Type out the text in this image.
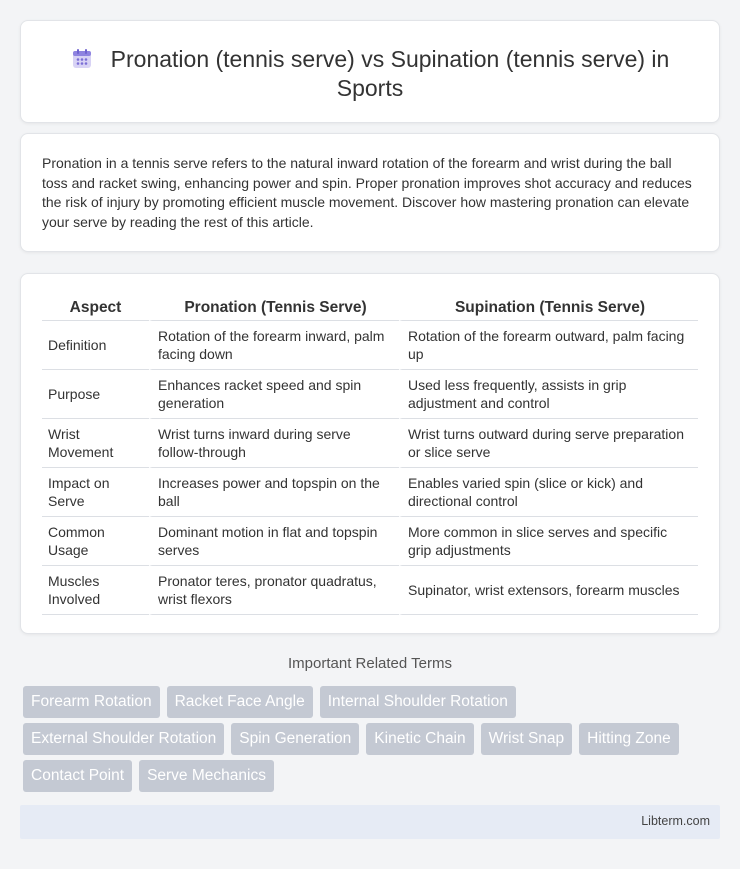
Pronation (tennis serve) vs Supination (tennis serve) in Sports

Pronation in a tennis serve refers to the natural inward rotation of the forearm and wrist during the ball toss and racket swing, enhancing power and spin. Proper pronation improves shot accuracy and reduces the risk of injury by promoting efficient muscle movement. Discover how mastering pronation can elevate your serve by reading the rest of this article.

Aspect	Pronation (Tennis Serve)	Supination (Tennis Serve)
Definition	Rotation of the forearm inward, palm facing down	Rotation of the forearm outward, palm facing up
Purpose	Enhances racket speed and spin generation	Used less frequently, assists in grip adjustment and control
Wrist Movement	Wrist turns inward during serve follow-through	Wrist turns outward during serve preparation or slice serve
Impact on Serve	Increases power and topspin on the ball	Enables varied spin (slice or kick) and directional control
Common Usage	Dominant motion in flat and topspin serves	More common in slice serves and specific grip adjustments
Muscles Involved	Pronator teres, pronator quadratus, wrist flexors	Supinator, wrist extensors, forearm muscles
Important Related Terms
Forearm Rotation	Racket Face Angle	Internal Shoulder Rotation
External Shoulder Rotation	Spin Generation	Kinetic Chain	Wrist Snap	Hitting Zone
Contact Point	Serve Mechanics
Libterm.com
